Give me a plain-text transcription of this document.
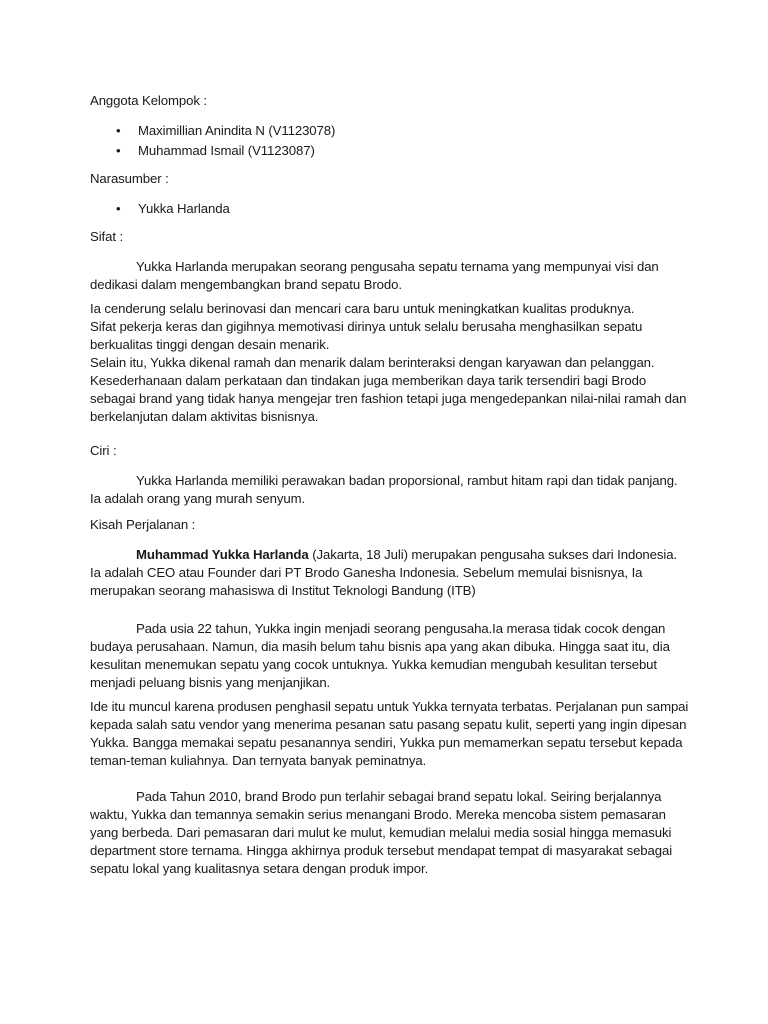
Anggota Kelompok :

• Maximillian Anindita N (V1123078)
• Muhammad Ismail (V1123087)

Narasumber :

• Yukka Harlanda

Sifat :

Yukka Harlanda merupakan seorang pengusaha sepatu ternama yang mempunyai visi dan dedikasi dalam mengembangkan brand sepatu Brodo.

Ia cenderung selalu berinovasi dan mencari cara baru untuk meningkatkan kualitas produknya.
Sifat pekerja keras dan gigihnya memotivasi dirinya untuk selalu berusaha menghasilkan sepatu berkualitas tinggi dengan desain menarik.
Selain itu, Yukka dikenal ramah dan menarik dalam berinteraksi dengan karyawan dan pelanggan. Kesederhanaan dalam perkataan dan tindakan juga memberikan daya tarik tersendiri bagi Brodo sebagai brand yang tidak hanya mengejar tren fashion tetapi juga mengedepankan nilai-nilai ramah dan berkelanjutan dalam aktivitas bisnisnya.

Ciri :

Yukka Harlanda memiliki perawakan badan proporsional, rambut hitam rapi dan tidak panjang. Ia adalah orang yang murah senyum.

Kisah Perjalanan :

Muhammad Yukka Harlanda (Jakarta, 18 Juli) merupakan pengusaha sukses dari Indonesia. Ia adalah CEO atau Founder dari PT Brodo Ganesha Indonesia. Sebelum memulai bisnisnya, Ia merupakan seorang mahasiswa di Institut Teknologi Bandung (ITB)

Pada usia 22 tahun, Yukka ingin menjadi seorang pengusaha.Ia merasa tidak cocok dengan budaya perusahaan. Namun, dia masih belum tahu bisnis apa yang akan dibuka. Hingga saat itu, dia kesulitan menemukan sepatu yang cocok untuknya. Yukka kemudian mengubah kesulitan tersebut menjadi peluang bisnis yang menjanjikan.

Ide itu muncul karena produsen penghasil sepatu untuk Yukka ternyata terbatas. Perjalanan pun sampai kepada salah satu vendor yang menerima pesanan satu pasang sepatu kulit, seperti yang ingin dipesan Yukka. Bangga memakai sepatu pesanannya sendiri, Yukka pun memamerkan sepatu tersebut kepada teman-teman kuliahnya. Dan ternyata banyak peminatnya.

Pada Tahun 2010, brand Brodo pun terlahir sebagai brand sepatu lokal. Seiring berjalannya waktu, Yukka dan temannya semakin serius menangani Brodo. Mereka mencoba sistem pemasaran yang berbeda. Dari pemasaran dari mulut ke mulut, kemudian melalui media sosial hingga memasuki department store ternama. Hingga akhirnya produk tersebut mendapat tempat di masyarakat sebagai sepatu lokal yang kualitasnya setara dengan produk impor.
